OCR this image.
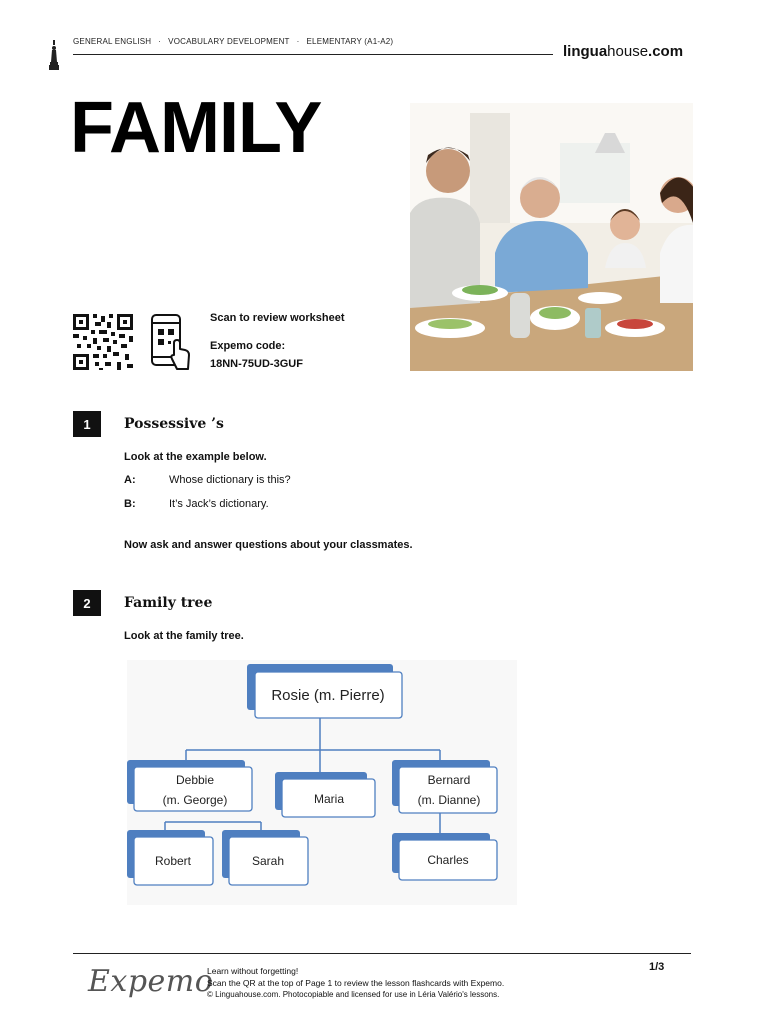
GENERAL ENGLISH · VOCABULARY DEVELOPMENT · ELEMENTARY (A1-A2)
linguahouse.com
FAMILY
Scan to review worksheet
Expemo code:
18NN-75UD-3GUF
1	Possessive ’s
Look at the example below.
A:	Whose dictionary is this?
B:	It’s Jack’s dictionary.
Now ask and answer questions about your classmates.
2	Family tree
Look at the family tree.
Rosie (m. Pierre)
Debbie
(m. George)	Maria
Bernard
(m. Dianne)
Robert	Sarah	Charles
Expemo
Learn without forgetting!
Scan the QR at the top of Page 1 to review the lesson flashcards with Expemo.
© Linguahouse.com. Photocopiable and licensed for use in Léria Valério's lessons.
1/3
